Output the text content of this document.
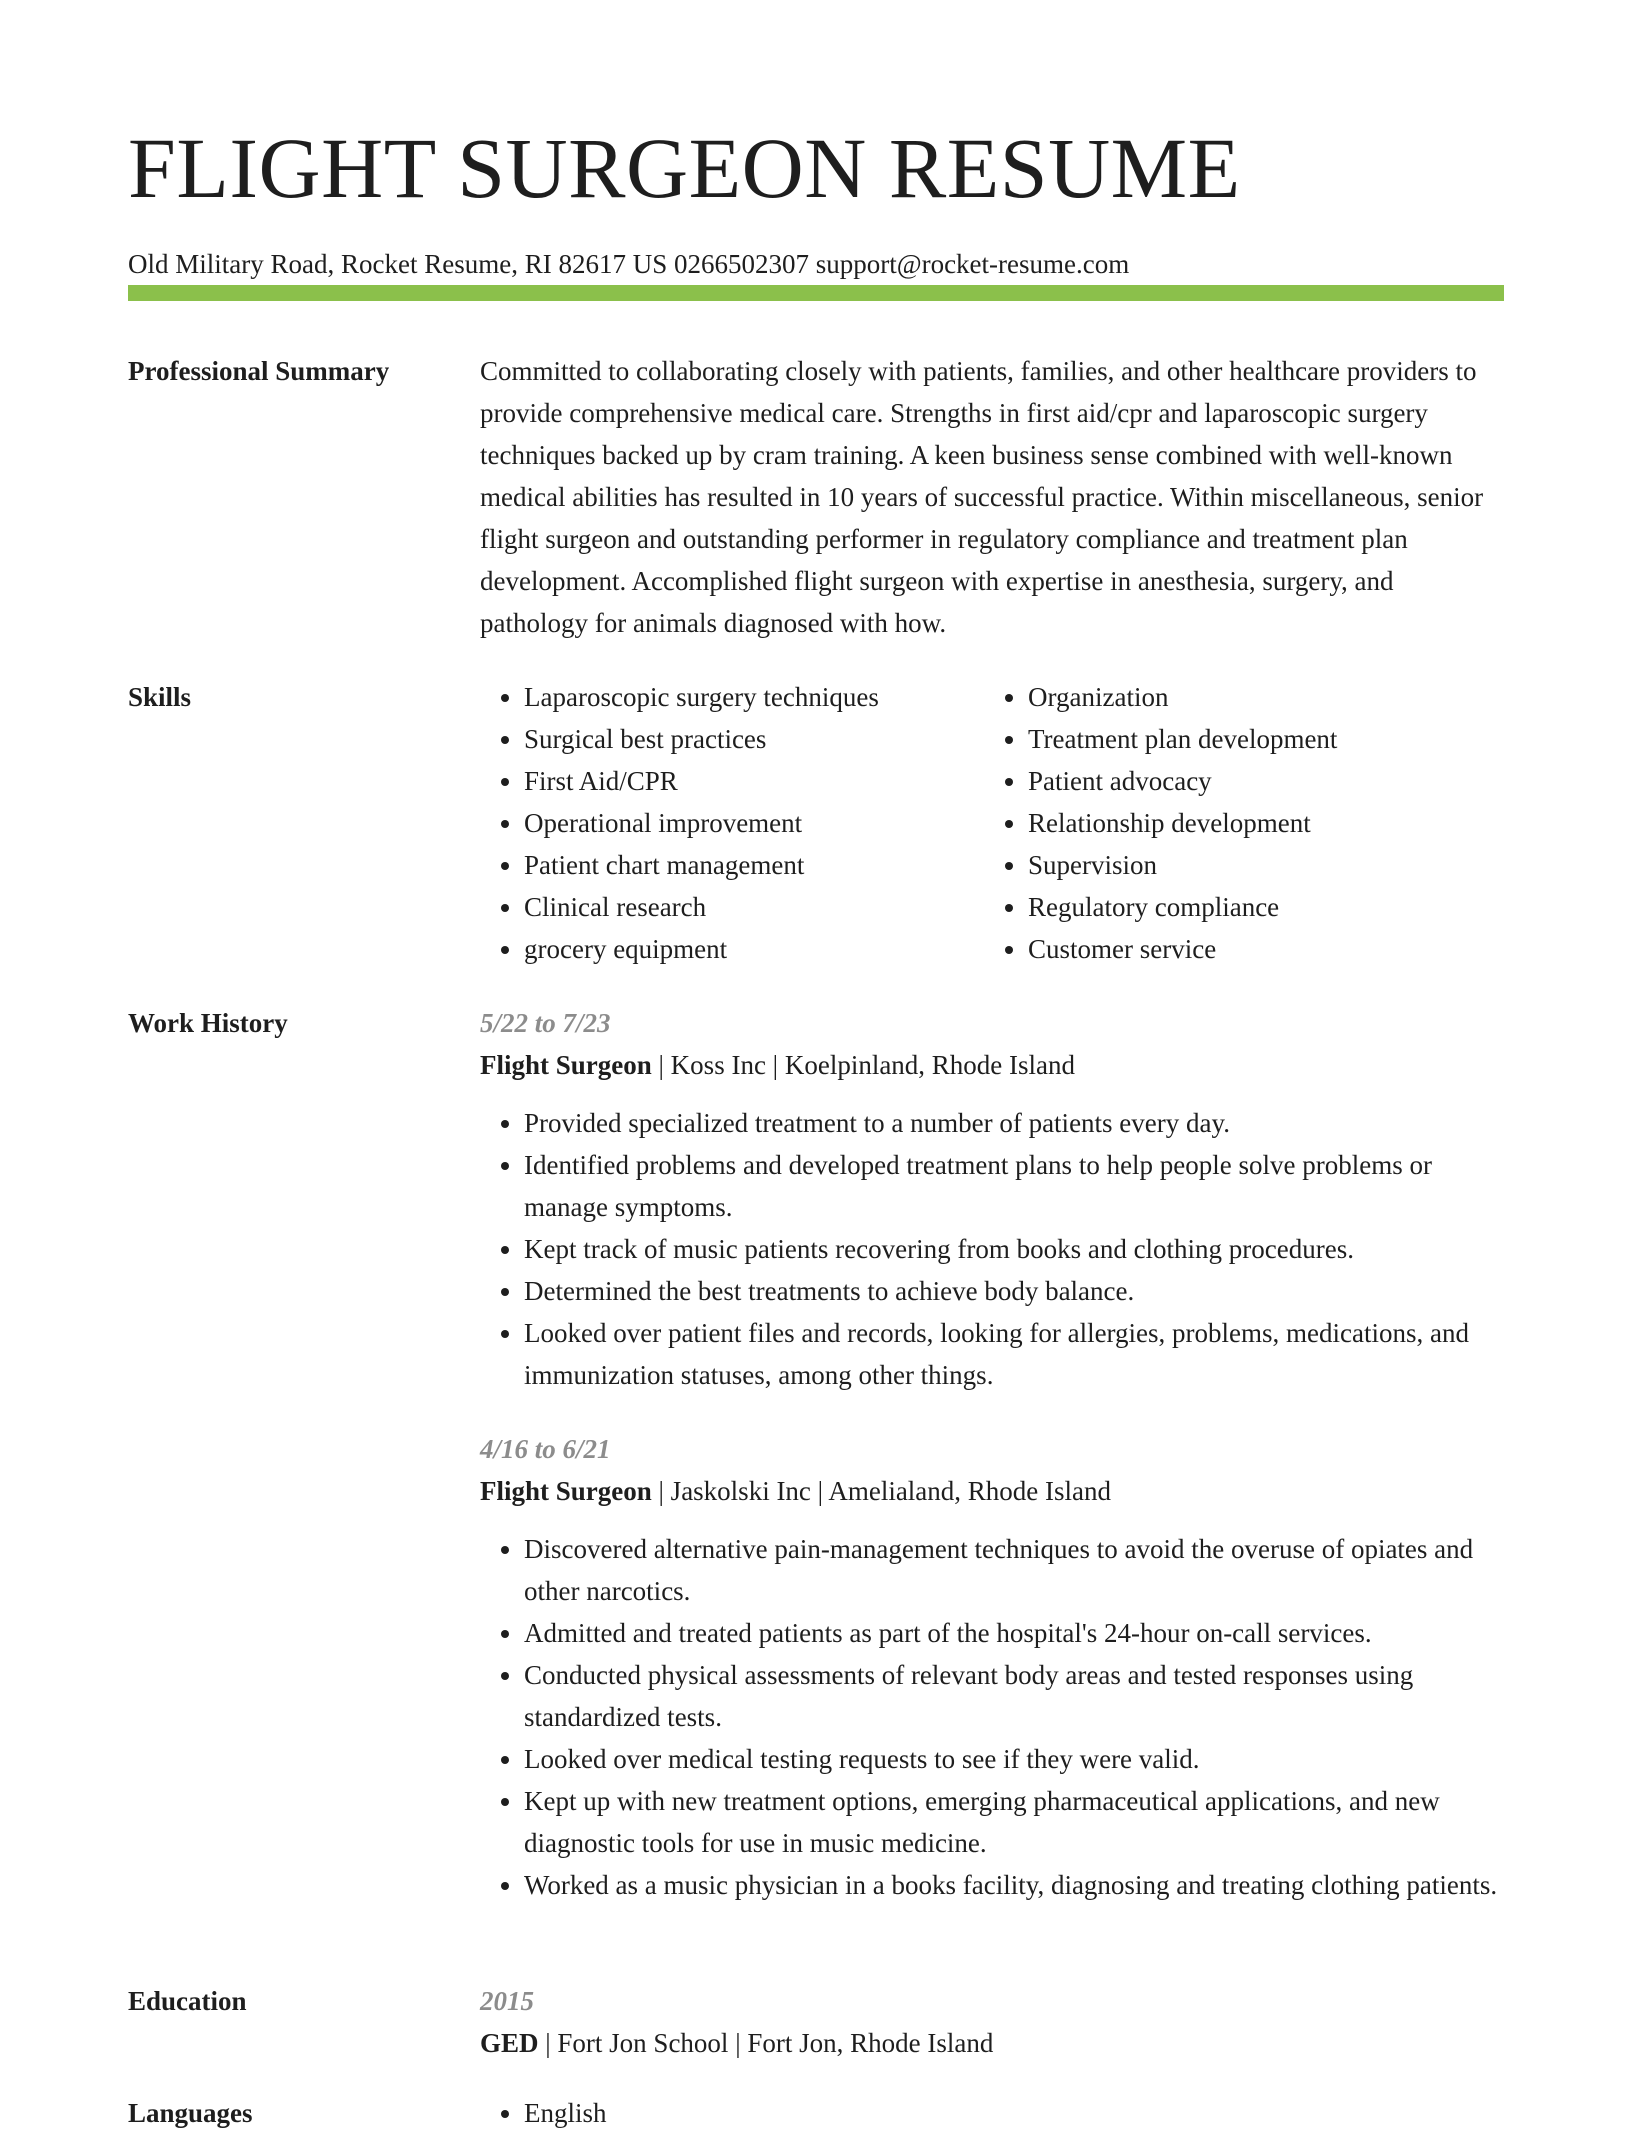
FLIGHT SURGEON RESUME
Old Military Road, Rocket Resume, RI 82617 US 0266502307 support@rocket-resume.com
Professional Summary	Committed to collaborating closely with patients, families, and other healthcare providers to provide comprehensive medical care. Strengths in first aid/cpr and laparoscopic surgery techniques backed up by cram training. A keen business sense combined with well-known medical abilities has resulted in 10 years of successful practice. Within miscellaneous, senior flight surgeon and outstanding performer in regulatory compliance and treatment plan development. Accomplished flight surgeon with expertise in anesthesia, surgery, and pathology for animals diagnosed with how.

Skills	• Laparoscopic surgery techniques
• Surgical best practices
• First Aid/CPR
• Operational improvement
• Patient chart management
• Clinical research
• grocery equipment
• Organization
• Treatment plan development
• Patient advocacy
• Relationship development
• Supervision
• Regulatory compliance
• Customer service
Work History	5/22 to 7/23
Flight Surgeon | Koss Inc | Koelpinland, Rhode Island
• Provided specialized treatment to a number of patients every day.
• Identified problems and developed treatment plans to help people solve problems or manage symptoms.
• Kept track of music patients recovering from books and clothing procedures.
• Determined the best treatments to achieve body balance.
• Looked over patient files and records, looking for allergies, problems, medications, and immunization statuses, among other things.
4/16 to 6/21
Flight Surgeon | Jaskolski Inc | Amelialand, Rhode Island
• Discovered alternative pain-management techniques to avoid the overuse of opiates and other narcotics.
• Admitted and treated patients as part of the hospital's 24-hour on-call services.
• Conducted physical assessments of relevant body areas and tested responses using standardized tests.
• Looked over medical testing requests to see if they were valid.
• Kept up with new treatment options, emerging pharmaceutical applications, and new diagnostic tools for use in music medicine.
• Worked as a music physician in a books facility, diagnosing and treating clothing patients.
Education	2015
GED | Fort Jon School | Fort Jon, Rhode Island
Languages	• English
